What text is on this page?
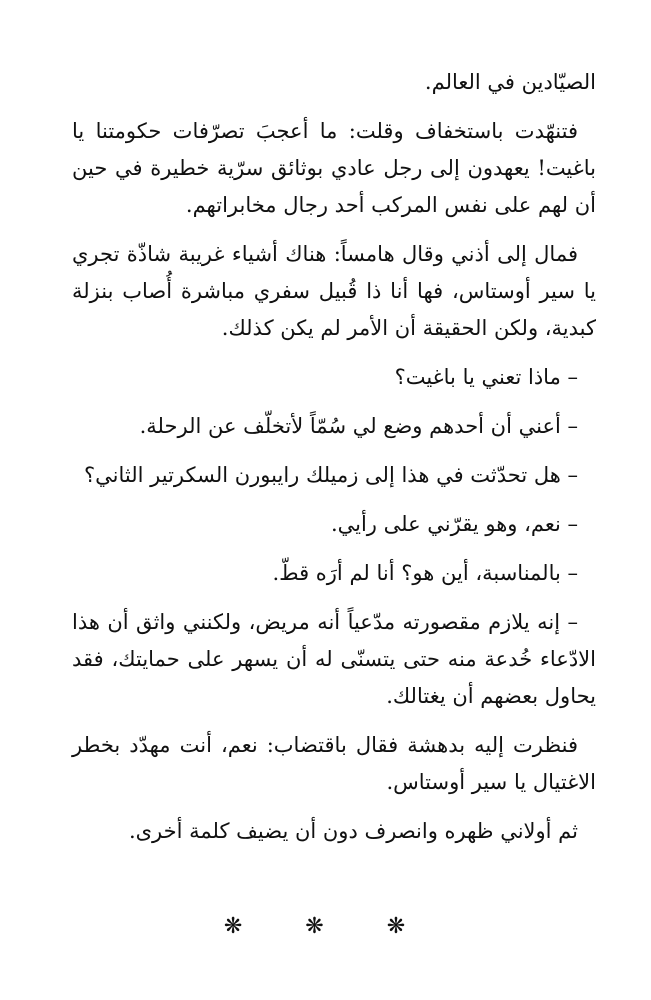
الصيّادين في العالم.

فتنهّدت باستخفاف وقلت: ما أعجبَ تصرّفات حكومتنا يا باغيت! يعهدون إلى رجل عادي بوثائق سرّية خطيرة في حين أن لهم على نفس المركب أحد رجال مخابراتهم.

فمال إلى أذني وقال هامساً: هناك أشياء غريبة شاذّة تجري يا سير أوستاس، فها أنا ذا قُبيل سفري مباشرة أُصاب بنزلة كبدية، ولكن الحقيقة أن الأمر لم يكن كذلك.

– ماذا تعني يا باغيت؟

– أعني أن أحدهم وضع لي سُمّاً لأتخلّف عن الرحلة.

– هل تحدّثت في هذا إلى زميلك رايبورن السكرتير الثاني؟

– نعم، وهو يقرّني على رأيي.

– بالمناسبة، أين هو؟ أنا لم أرَه قطّ.

– إنه يلازم مقصورته مدّعياً أنه مريض، ولكنني واثق أن هذا الادّعاء خُدعة منه حتى يتسنّى له أن يسهر على حمايتك، فقد يحاول بعضهم أن يغتالك.

فنظرت إليه بدهشة فقال باقتضاب: نعم، أنت مهدّد بخطر الاغتيال يا سير أوستاس.

ثم أولاني ظهره وانصرف دون أن يضيف كلمة أخرى.

❋ ❋ ❋
